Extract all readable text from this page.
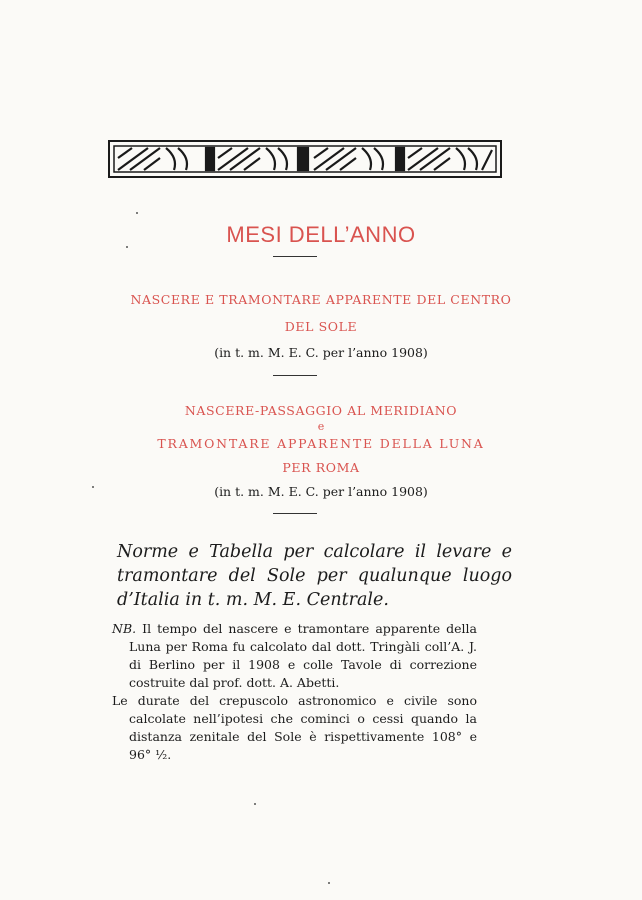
MESI DELL’ANNO
NASCERE E TRAMONTARE APPARENTE DEL CENTRO
DEL SOLE
(in t. m. M. E. C. per l’anno 1908)
NASCERE-PASSAGGIO AL MERIDIANO
e
TRAMONTARE APPARENTE DELLA LUNA
PER ROMA
(in t. m. M. E. C. per l’anno 1908)
Norme e Tabella per calcolare il levare e tramontare del Sole per qualunque luogo d’Italia in t. m. M. E. Centrale.

NB. Il tempo del nascere e tramontare apparente della Luna per Roma fu calcolato dal dott. Tringàli coll’A. J. di Berlino per il 1908 e colle Tavole di correzione costruite dal prof. dott. A. Abetti.

Le durate del crepuscolo astronomico e civile sono calcolate nell’ipotesi che cominci o cessi quando la distanza zenitale del Sole è rispettivamente 108° e 96° ½.
